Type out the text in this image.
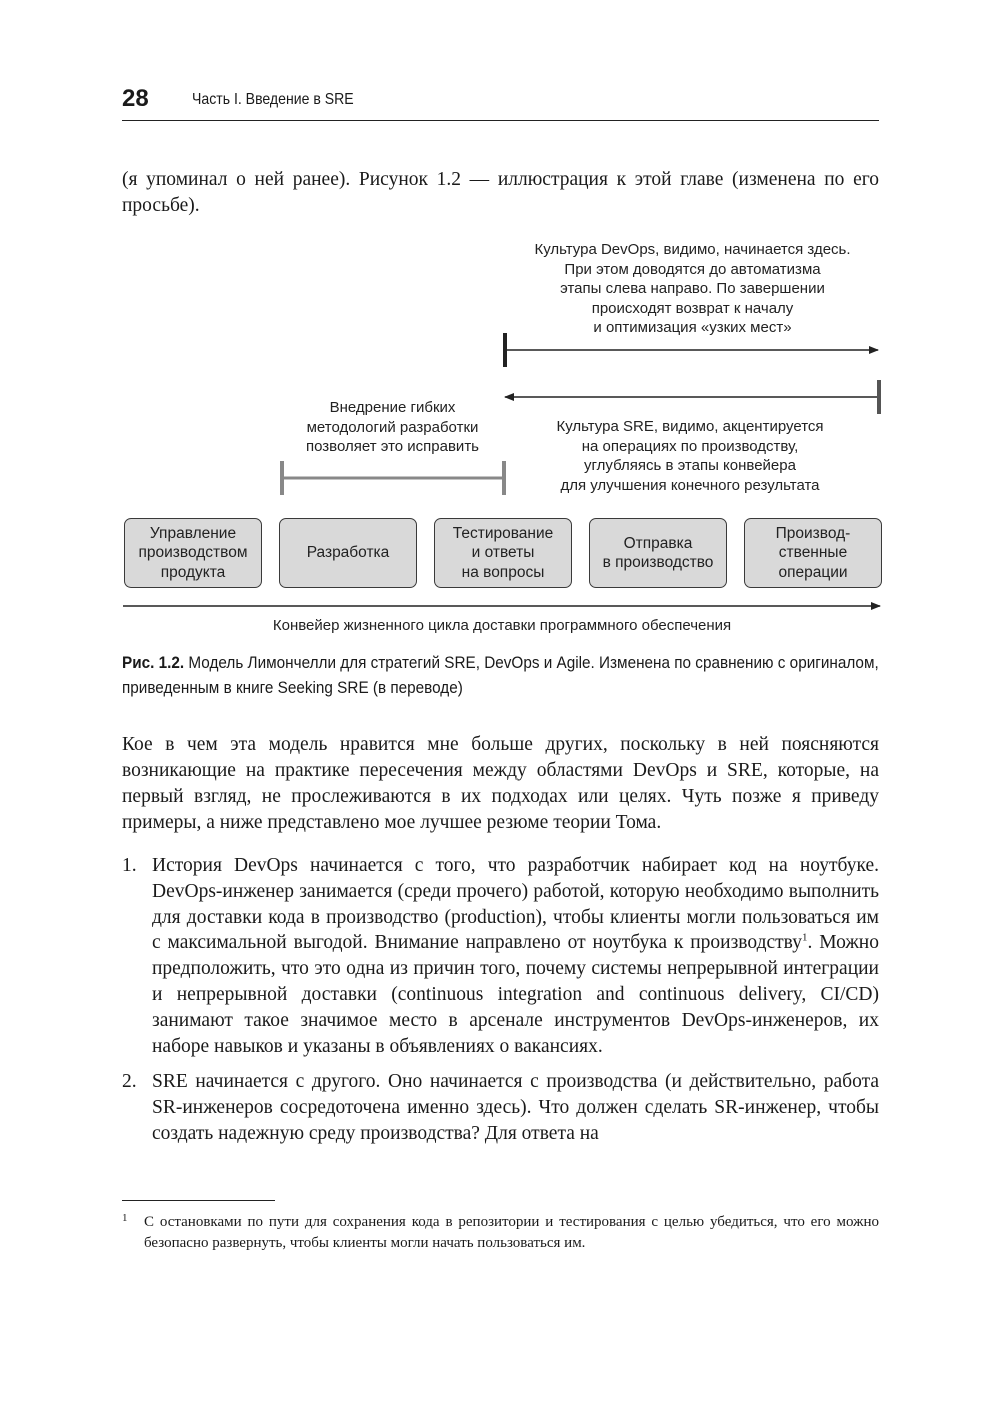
28	Часть I. Введение в SRE

(я упоминал о ней ранее). Рисунок 1.2 — иллюстрация к этой главе (изменена по его просьбе).

Культура DevOps, видимо, начинается здесь.
При этом доводятся до автоматизма
этапы слева направо. По завершении
происходят возврат к началу
и оптимизация «узких мест»
Внедрение гибких
методологий разработки
позволяет это исправить
Культура SRE, видимо, акцентируется
на операциях по производству,
углубляясь в этапы конвейера
для улучшения конечного результата
Управление
производством
продукта
Разработка
Тестирование
и ответы
на вопросы
Отправка
в производство
Производ-
ственные
операции
Конвейер жизненного цикла доставки программного обеспечения

Рис. 1.2. Модель Лимончелли для стратегий SRE, DevOps и Agile. Изменена по сравнению с оригиналом, приведенным в книге Seeking SRE (в переводе)

Кое в чем эта модель нравится мне больше других, поскольку в ней поясняются возникающие на практике пересечения между областями DevOps и SRE, которые, на первый взгляд, не прослеживаются в их подходах или целях. Чуть позже я приведу примеры, а ниже представлено мое лучшее резюме теории Тома.

1. История DevOps начинается с того, что разработчик набирает код на ноутбуке. DevOps-инженер занимается (среди прочего) работой, которую необходимо выполнить для доставки кода в производство (production), чтобы клиенты могли пользоваться им с максимальной выгодой. Внимание направлено от ноутбука к производству$^1$. Можно предположить, что это одна из причин того, почему системы непрерывной интеграции и непрерывной доставки (continuous integration and continuous delivery, CI/CD) занимают такое значимое место в арсенале инструментов DevOps-инженеров, их наборе навыков и указаны в объявлениях о вакансиях.
2. SRE начинается с другого. Оно начинается с производства (и действительно, работа SR-инженеров сосредоточена именно здесь). Что должен сделать SR-инженер, чтобы создать надежную среду производства? Для ответа на

1 С остановками по пути для сохранения кода в репозитории и тестирования с целью убедиться, что его можно безопасно развернуть, чтобы клиенты могли начать пользоваться им.
